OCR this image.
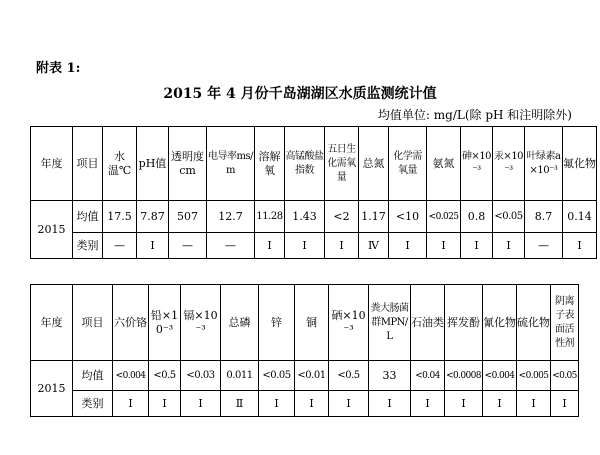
附表 1:
2015 年 4 月份千岛湖湖区水质监测统计值
均值单位: mg/L(除 pH 和注明除外)
年度	项目	水温℃	pH值	透明度cm	电导率ms/m	溶解氧	高锰酸盐指数	五日生化需氧量	总氮	化学需氧量	氨氮	砷×10⁻³	汞×10⁻³	叶绿素a×10⁻³	氟化物
2015	均值	17.5	7.87	507	12.7	11.28	1.43	<2	1.17	<10	<0.025	0.8	<0.05	8.7	0.14
	类别	—	I	—	—	I	I	I	Ⅳ	I	I	I	I	—	I
年度	项目	六价铬	铅×10⁻³	镉×10⁻³	总磷	锌	铜	硒×10⁻³	粪大肠菌群MPN/L	石油类	挥发酚	氰化物	硫化物	阴离子表面活性剂
2015	均值	<0.004	<0.5	<0.03	0.011	<0.05	<0.01	<0.5	33	<0.04	<0.0008	<0.004	<0.005	<0.05
	类别	I	I	I	Ⅱ	I	I	I	I	I	I	I	I	I
